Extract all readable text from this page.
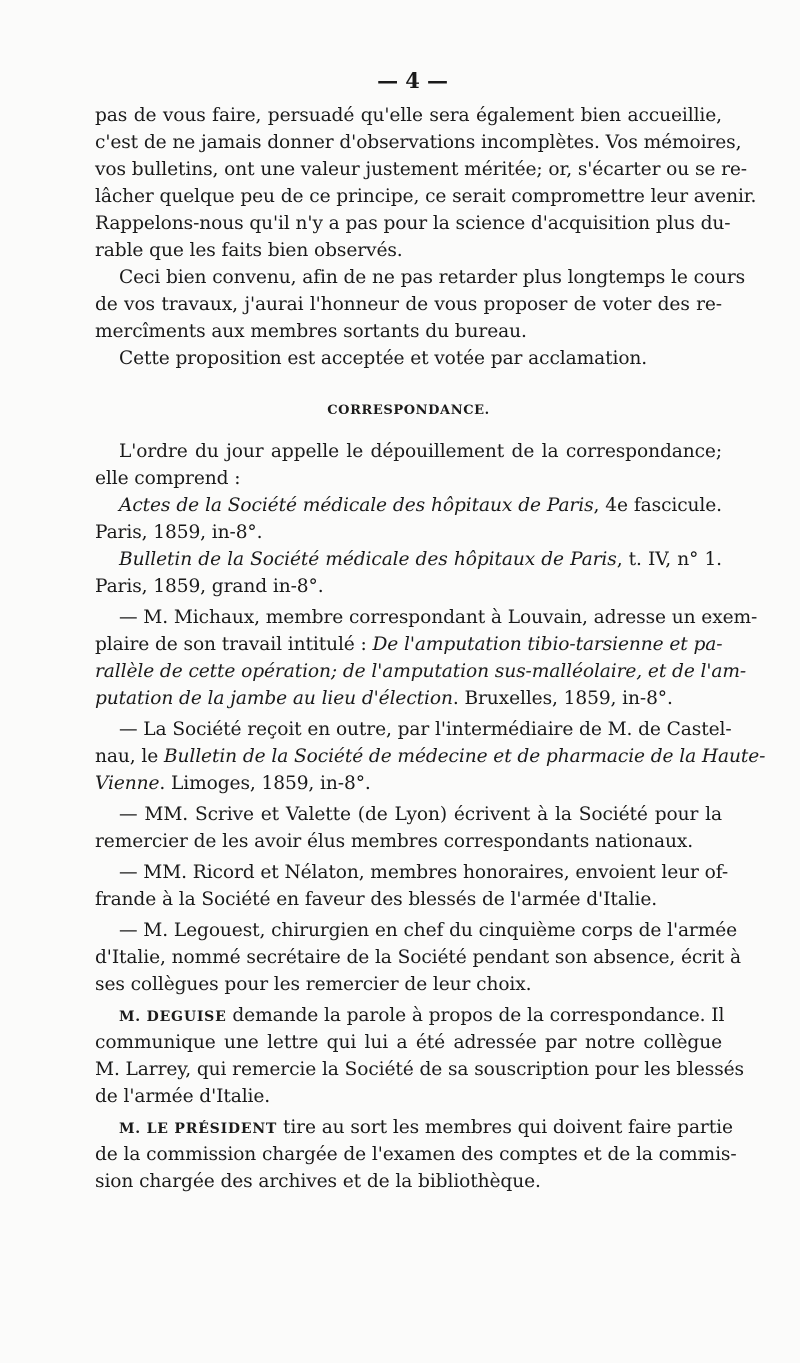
— 4 —
pas de vous faire, persuadé qu'elle sera également bien accueillie,
c'est de ne jamais donner d'observations incomplètes. Vos mémoires,
vos bulletins, ont une valeur justement méritée; or, s'écarter ou se re-
lâcher quelque peu de ce principe, ce serait compromettre leur avenir.
Rappelons-nous qu'il n'y a pas pour la science d'acquisition plus du-
rable que les faits bien observés.
Ceci bien convenu, afin de ne pas retarder plus longtemps le cours
de vos travaux, j'aurai l'honneur de vous proposer de voter des re-
mercîments aux membres sortants du bureau.
Cette proposition est acceptée et votée par acclamation.
CORRESPONDANCE.
L'ordre du jour appelle le dépouillement de la correspondance;
elle comprend :
Actes de la Société médicale des hôpitaux de Paris, 4e fascicule.
Paris, 1859, in-8°.
Bulletin de la Société médicale des hôpitaux de Paris, t. IV, n° 1.
Paris, 1859, grand in-8°.
— M. Michaux, membre correspondant à Louvain, adresse un exem-
plaire de son travail intitulé : De l'amputation tibio-tarsienne et pa-
rallèle de cette opération; de l'amputation sus-malléolaire, et de l'am-
putation de la jambe au lieu d'élection. Bruxelles, 1859, in-8°.
— La Société reçoit en outre, par l'intermédiaire de M. de Castel-
nau, le Bulletin de la Société de médecine et de pharmacie de la Haute-
Vienne. Limoges, 1859, in-8°.
— MM. Scrive et Valette (de Lyon) écrivent à la Société pour la
remercier de les avoir élus membres correspondants nationaux.
— MM. Ricord et Nélaton, membres honoraires, envoient leur of-
frande à la Société en faveur des blessés de l'armée d'Italie.
— M. Legouest, chirurgien en chef du cinquième corps de l'armée
d'Italie, nommé secrétaire de la Société pendant son absence, écrit à
ses collègues pour les remercier de leur choix.
M. DEGUISE demande la parole à propos de la correspondance. Il
communique une lettre qui lui a été adressée par notre collègue
M. Larrey, qui remercie la Société de sa souscription pour les blessés
de l'armée d'Italie.
M. LE PRÉSIDENT tire au sort les membres qui doivent faire partie
de la commission chargée de l'examen des comptes et de la commis-
sion chargée des archives et de la bibliothèque.
